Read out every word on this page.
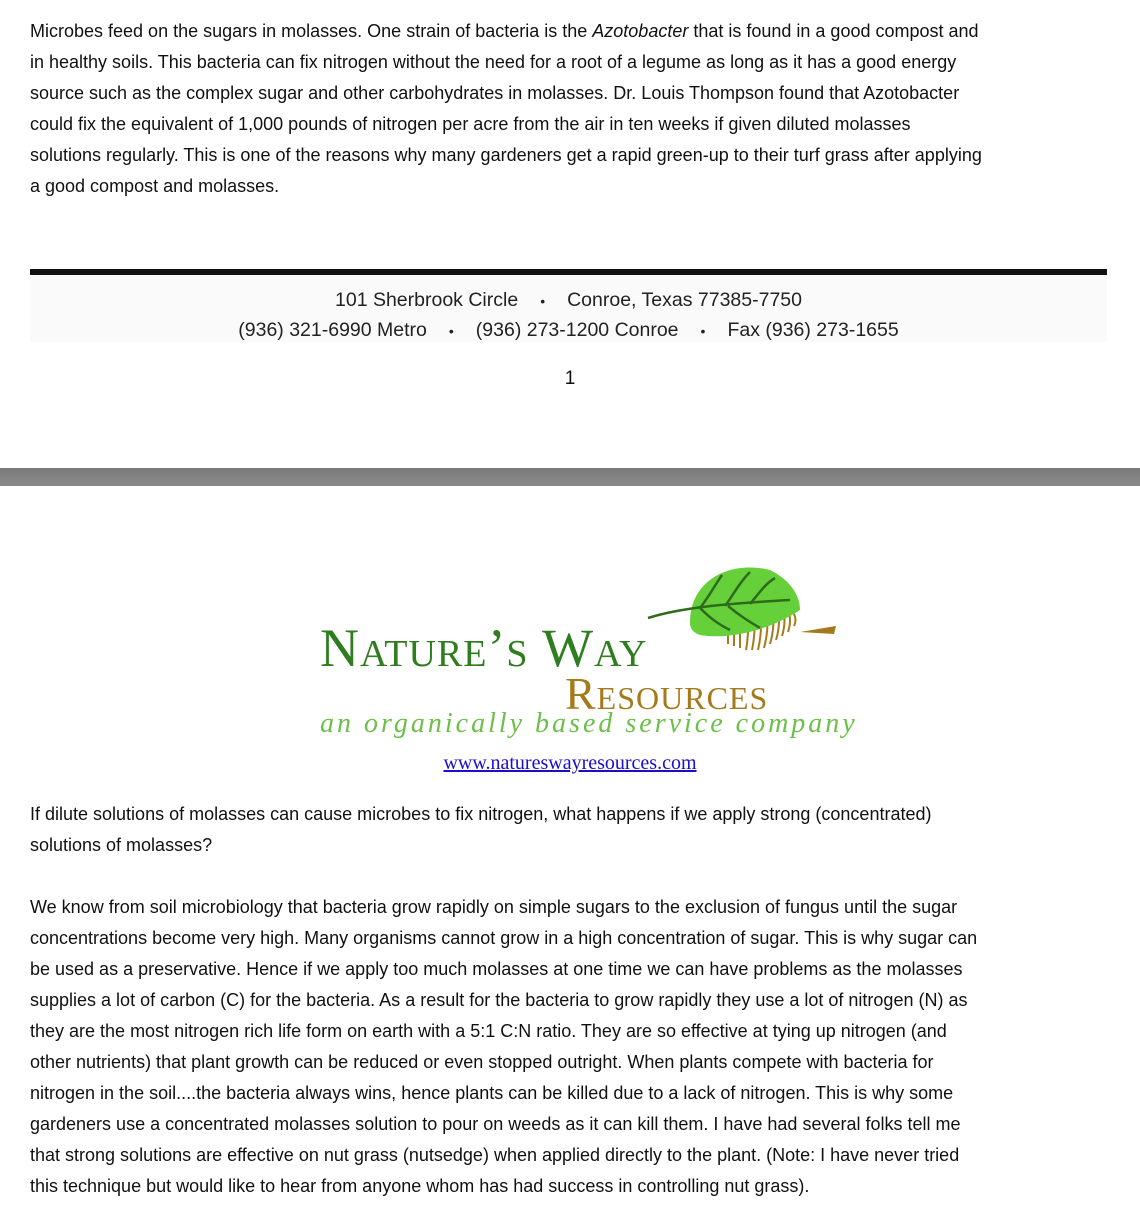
Microbes feed on the sugars in molasses. One strain of bacteria is the Azotobacter that is found in a good compost and
in healthy soils. This bacteria can fix nitrogen without the need for a root of a legume as long as it has a good energy
source such as the complex sugar and other carbohydrates in molasses. Dr. Louis Thompson found that Azotobacter
could fix the equivalent of 1,000 pounds of nitrogen per acre from the air in ten weeks if given diluted molasses
solutions regularly. This is one of the reasons why many gardeners get a rapid green-up to their turf grass after applying
a good compost and molasses.
101 Sherbrook Circle • Conroe, Texas 77385-7750
(936) 321-6990 Metro • (936) 273-1200 Conroe • Fax (936) 273-1655
1
Nature’s Way
Resources
an organically based service company
www.natureswayresources.com
If dilute solutions of molasses can cause microbes to fix nitrogen, what happens if we apply strong (concentrated)
solutions of molasses?
We know from soil microbiology that bacteria grow rapidly on simple sugars to the exclusion of fungus until the sugar
concentrations become very high. Many organisms cannot grow in a high concentration of sugar. This is why sugar can
be used as a preservative. Hence if we apply too much molasses at one time we can have problems as the molasses
supplies a lot of carbon (C) for the bacteria. As a result for the bacteria to grow rapidly they use a lot of nitrogen (N) as
they are the most nitrogen rich life form on earth with a 5:1 C:N ratio. They are so effective at tying up nitrogen (and
other nutrients) that plant growth can be reduced or even stopped outright. When plants compete with bacteria for
nitrogen in the soil....the bacteria always wins, hence plants can be killed due to a lack of nitrogen. This is why some
gardeners use a concentrated molasses solution to pour on weeds as it can kill them. I have had several folks tell me
that strong solutions are effective on nut grass (nutsedge) when applied directly to the plant. (Note: I have never tried
this technique but would like to hear from anyone whom has had success in controlling nut grass).
